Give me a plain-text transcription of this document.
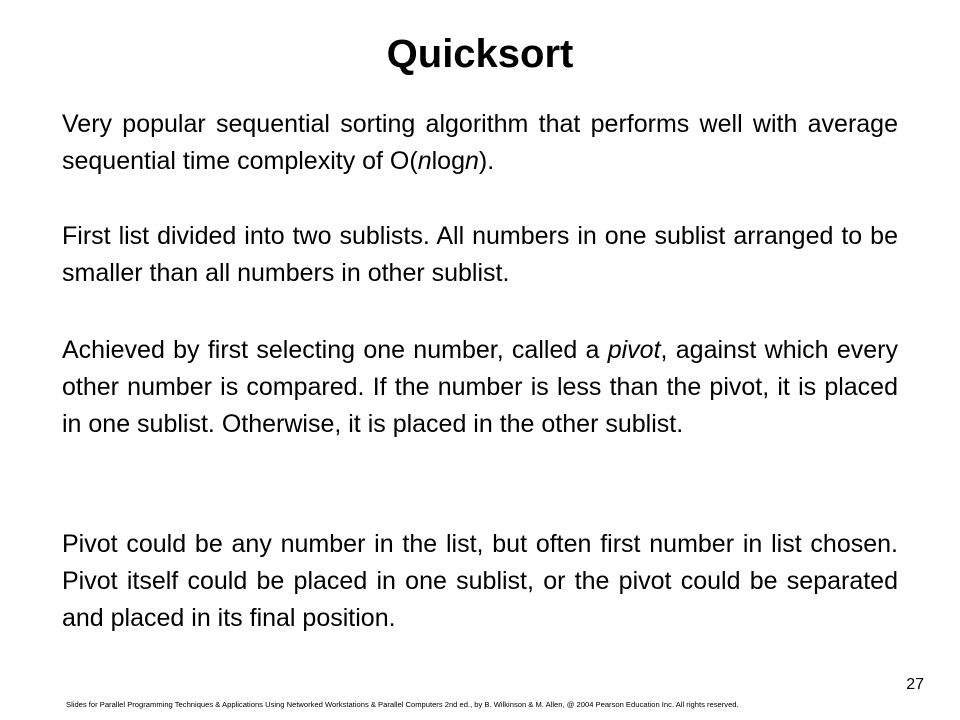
Quicksort

Very popular sequential sorting algorithm that performs well with average sequential time complexity of O(nlogn).

First list divided into two sublists. All numbers in one sublist arranged to be smaller than all numbers in other sublist.

Achieved by first selecting one number, called a pivot, against which every other number is compared. If the number is less than the pivot, it is placed in one sublist. Otherwise, it is placed in the other sublist.

Pivot could be any number in the list, but often first number in list chosen. Pivot itself could be placed in one sublist, or the pivot could be separated and placed in its final position.

27
Slides for Parallel Programming Techniques & Applications Using Networked Workstations & Parallel Computers 2nd ed., by B. Wilkinson & M. Allen, @ 2004 Pearson Education Inc. All rights reserved.
